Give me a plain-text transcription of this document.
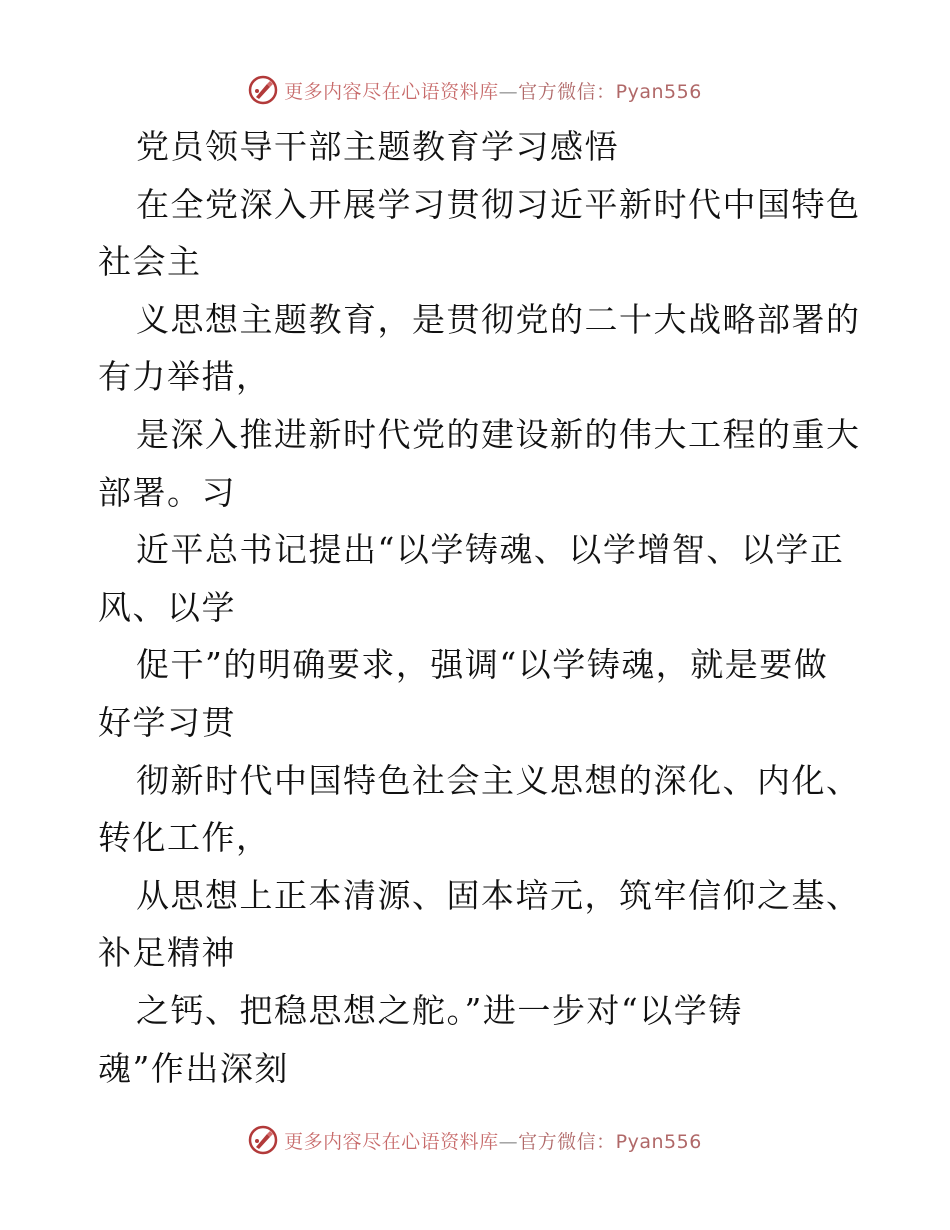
更多内容尽在心语资料库—官方微信：Pyan556
党员领导干部主题教育学习感悟
在全党深入开展学习贯彻习近平新时代中国特色
社会主
义思想主题教育，是贯彻党的二十大战略部署的
有力举措，
是深入推进新时代党的建设新的伟大工程的重大
部署。习
近平总书记提出“以学铸魂、以学增智、以学正
风、以学
促干”的明确要求，强调“以学铸魂，就是要做
好学习贯
彻新时代中国特色社会主义思想的深化、内化、
转化工作，
从思想上正本清源、固本培元，筑牢信仰之基、
补足精神
之钙、把稳思想之舵。”进一步对“以学铸
魂”作出深刻
更多内容尽在心语资料库—官方微信：Pyan556
